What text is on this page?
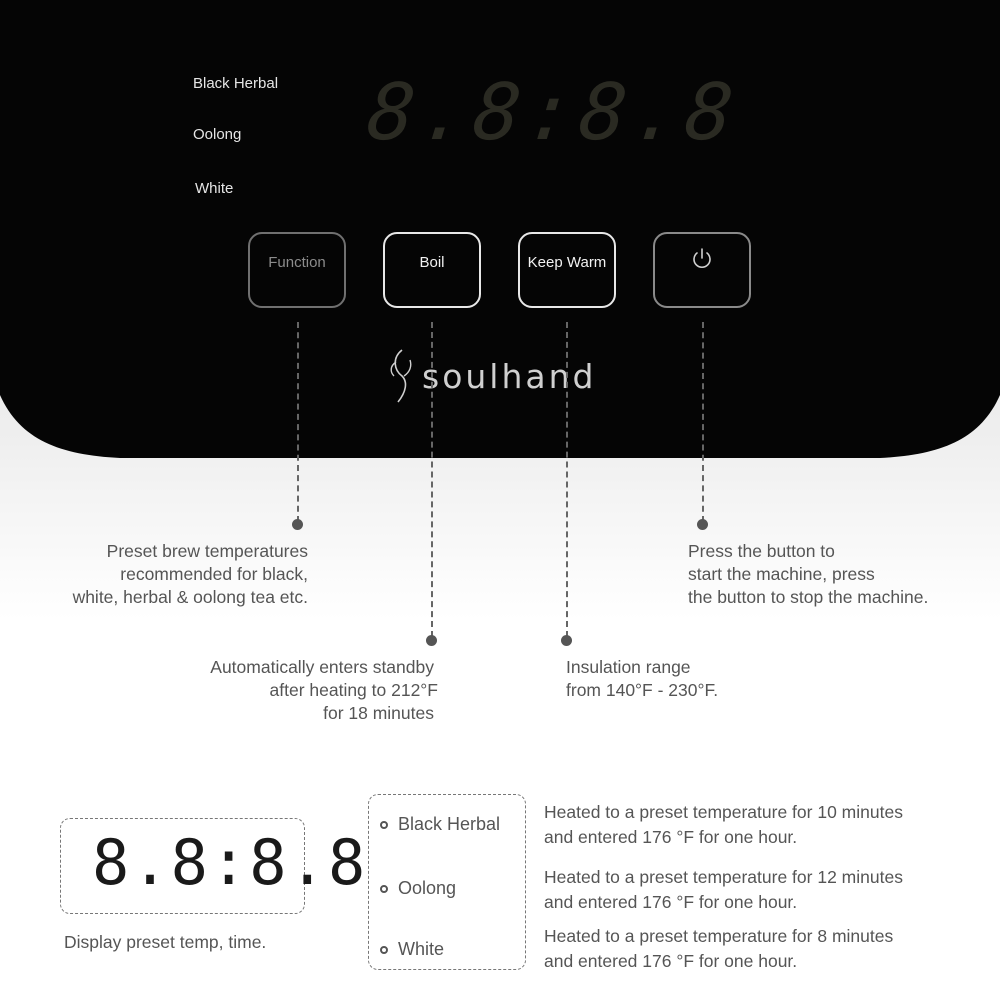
Black Herbal
Oolong
White
8.8:8.8
Function	Boil	Keep Warm
soulhand
Preset brew temperatures
recommended for black,
white, herbal & oolong tea etc.
Automatically enters standby
after heating to 212°F
for 18 minutes
Insulation range
from 140°F - 230°F.
Press the button to
start the machine, press
the button to stop the machine.
8.8:8.8
Display preset temp, time.
Black Herbal
Oolong
White
Heated to a preset temperature for 10 minutes
and entered 176 °F for one hour.
Heated to a preset temperature for 12 minutes
and entered 176 °F for one hour.
Heated to a preset temperature for 8 minutes
and entered 176 °F for one hour.
